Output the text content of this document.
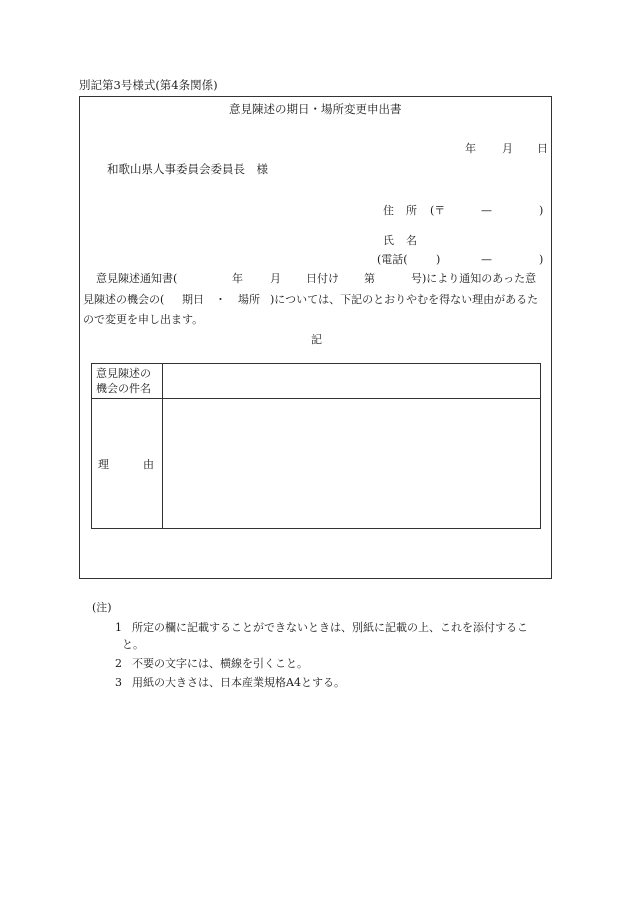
別記第3号様式(第4条関係)
意見陳述の期日・場所変更申出書
年 月 日
和歌山県人事委員会委員長　様
住 所 (〒	—	)
氏 名
(電話(	)	—	)
意見陳述通知書(	年 月 日付け 第	号)により通知のあった意
見陳述の機会の( 期日 ・ 場所 )については、下記のとおりやむを得ない理由があるた
ので変更を申し出ます。
記
意見陳述の
機会の件名
理	由
(注)
1 所定の欄に記載することができないときは、別紙に記載の上、これを添付するこ
と。
2 不要の文字には、横線を引くこと。
3 用紙の大きさは、日本産業規格A4とする。
